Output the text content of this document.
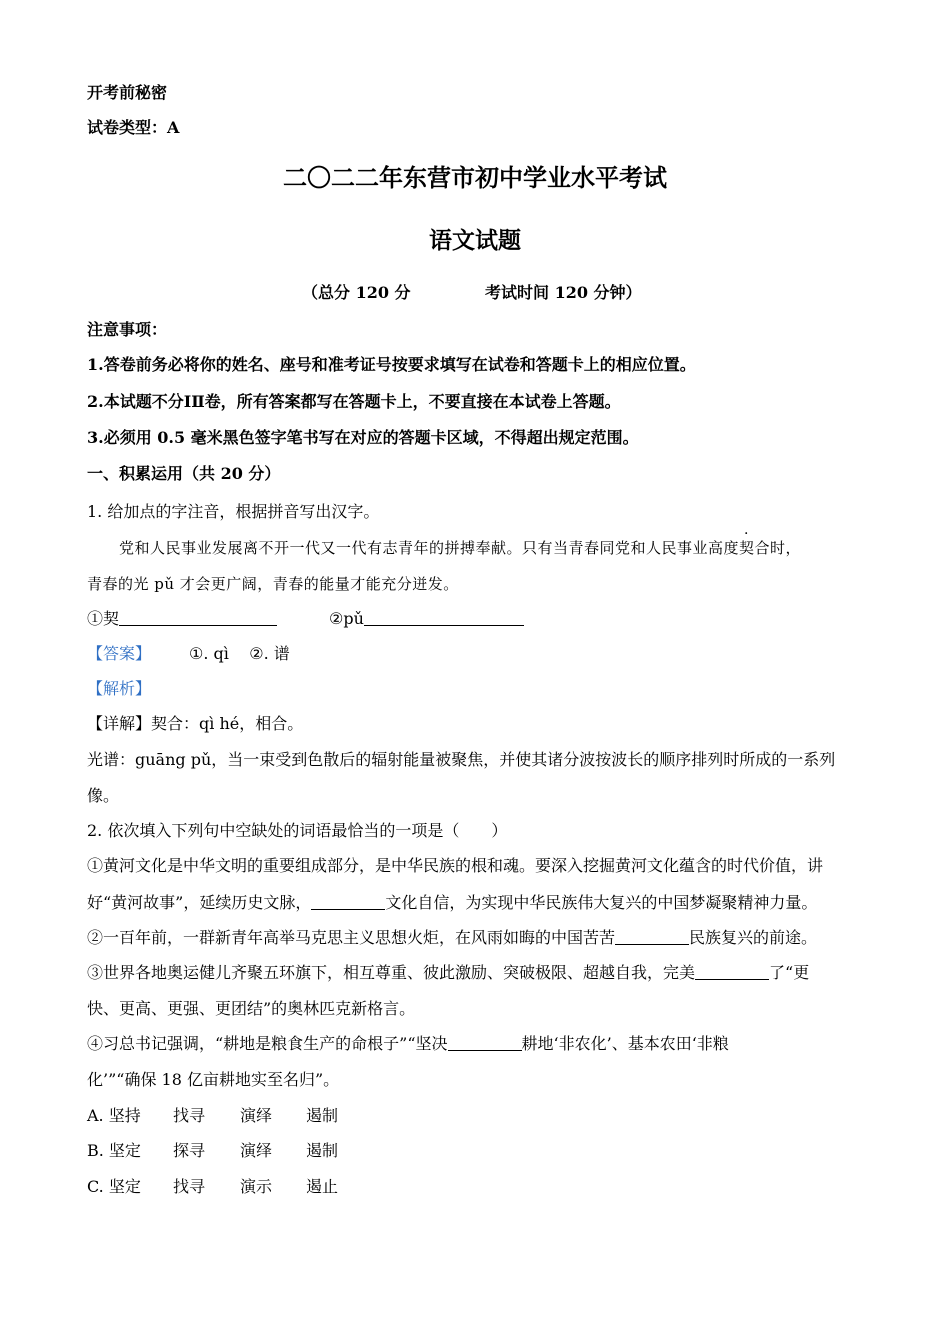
开考前秘密
试卷类型：A
二〇二二年东营市初中学业水平考试
语文试题
（总分 120 分	考试时间 120 分钟）
注意事项：
1.答卷前务必将你的姓名、座号和准考证号按要求填写在试卷和答题卡上的相应位置。
2.本试题不分ⅠⅡ卷，所有答案都写在答题卡上，不要直接在本试卷上答题。
3.必须用 0.5 毫米黑色签字笔书写在对应的答题卡区域，不得超出规定范围。
一、积累运用（共 20 分）
1. 给加点的字注音，根据拼音写出汉字。
党和人民事业发展离不开一代又一代有志青年的拼搏奉献。只有当青春同党和人民事业高度契合时，
青春的光 pǔ 才会更广阔，青春的能量才能充分迸发。
①契	②pǔ
【答案】 ①. qì    ②. 谱
【解析】
【详解】契合：qì hé，相合。
光谱：guāng pǔ，当一束受到色散后的辐射能量被聚焦，并使其诸分波按波长的顺序排列时所成的一系列
像。
2. 依次填入下列句中空缺处的词语最恰当的一项是（　　）
①黄河文化是中华文明的重要组成部分，是中华民族的根和魂。要深入挖掘黄河文化蕴含的时代价值，讲
好“黄河故事”，延续历史文脉，	文化自信，为实现中华民族伟大复兴的中国梦凝聚精神力量。
②一百年前，一群新青年高举马克思主义思想火炬，在风雨如晦的中国苦苦	民族复兴的前途。
③世界各地奥运健儿齐聚五环旗下，相互尊重、彼此激励、突破极限、超越自我，完美	了“更
快、更高、更强、更团结”的奥林匹克新格言。
④习总书记强调，“耕地是粮食生产的命根子”“坚决	耕地‘非农化’、基本农田‘非粮
化’”“确保 18 亿亩耕地实至名归”。
A. 坚持 找寻 演绎 遏制
B. 坚定 探寻 演绎 遏制
C. 坚定 找寻 演示 遏止
